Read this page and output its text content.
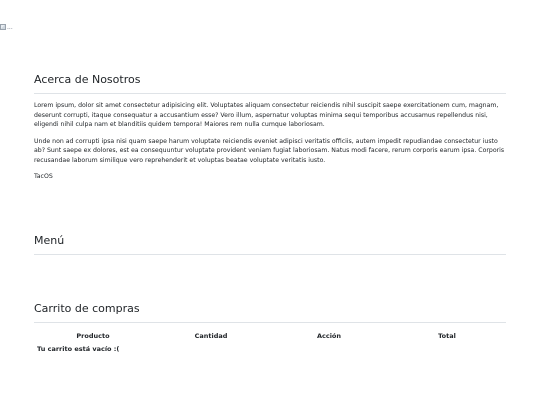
...
Acerca de Nosotros

Lorem ipsum, dolor sit amet consectetur adipisicing elit. Voluptates aliquam consectetur reiciendis nihil suscipit saepe exercitationem cum, magnam, deserunt corrupti, itaque consequatur a accusantium esse? Vero illum, aspernatur voluptas minima sequi temporibus accusamus repellendus nisi, eligendi nihil culpa nam et blanditiis quidem tempora! Maiores rem nulla cumque laboriosam.

Unde non ad corrupti ipsa nisi quam saepe harum voluptate reiciendis eveniet adipisci veritatis officiis, autem impedit repudiandae consectetur iusto ab? Sunt saepe ex dolores, est ea consequuntur voluptate provident veniam fugiat laboriosam. Natus modi facere, rerum corporis earum ipsa. Corporis recusandae laborum similique vero reprehenderit et voluptas beatae voluptate veritatis iusto.

TacOS

Menú
Carrito de compras
Producto	Cantidad	Acción	Total
Tu carrito está vacío :(
